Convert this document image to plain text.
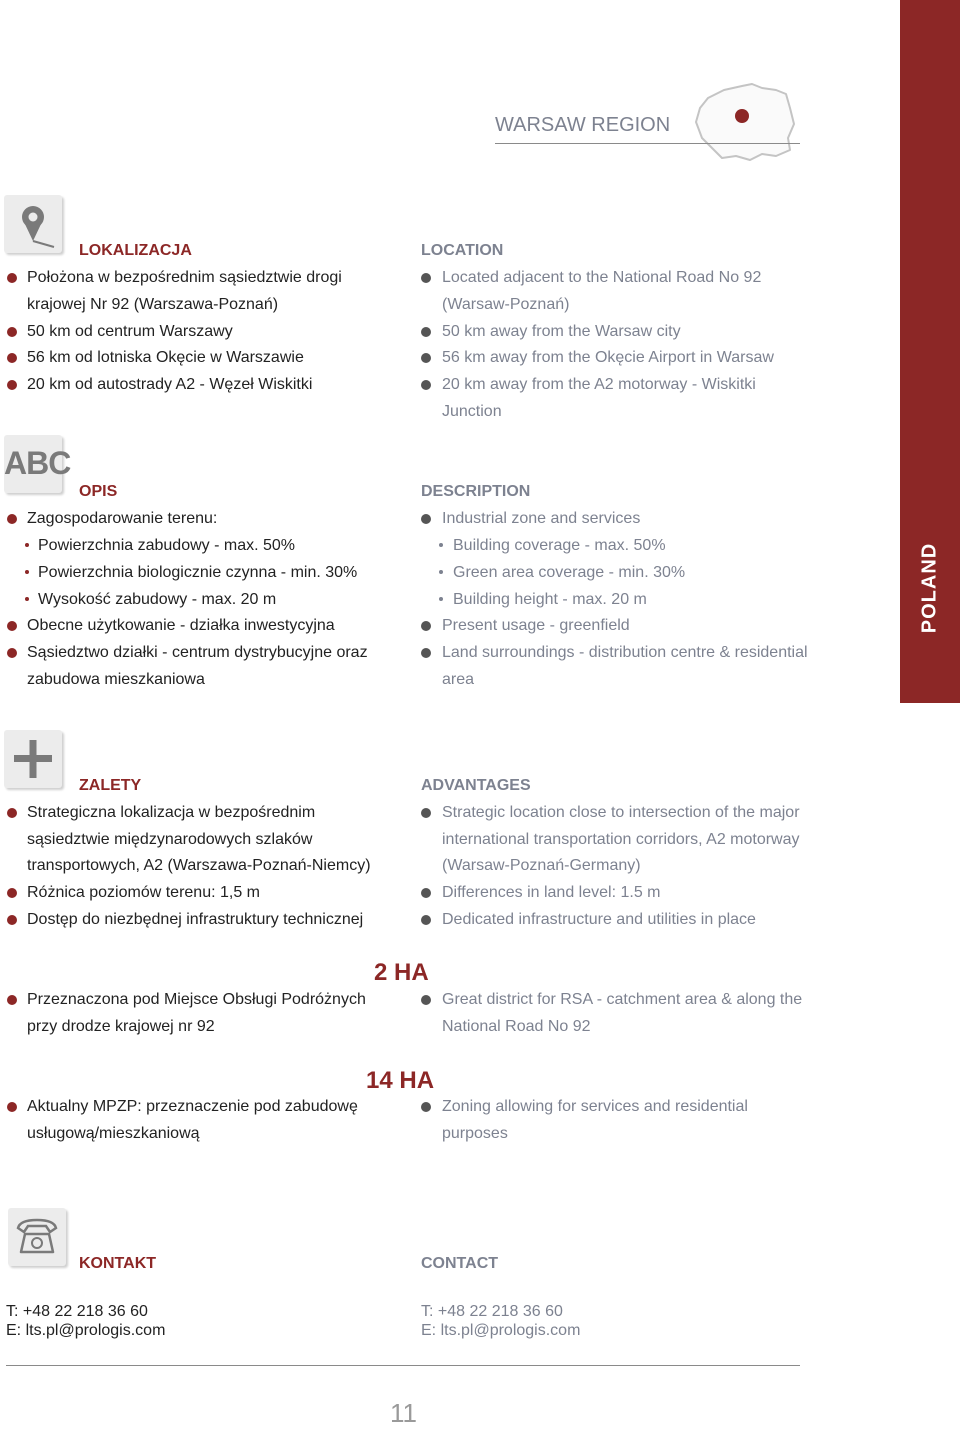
POLAND
WARSAW REGION
LOKALIZACJA	LOCATION
Położona w bezpośrednim sąsiedztwie drogi
krajowej Nr 92 (Warszawa-Poznań)
50 km od centrum Warszawy
56 km od lotniska Okęcie w Warszawie
20 km od autostrady A2 - Węzeł Wiskitki
Located adjacent to the National Road No 92
(Warsaw-Poznań)
50 km away from the Warsaw city
56 km away from the Okęcie Airport in Warsaw
20 km away from the A2 motorway - Wiskitki
Junction
ABC
OPIS	DESCRIPTION
Zagospodarowanie terenu:
Powierzchnia zabudowy - max. 50%
Powierzchnia biologicznie czynna - min. 30%
Wysokość zabudowy - max. 20 m
Obecne użytkowanie - działka inwestycyjna
Sąsiedztwo działki - centrum dystrybucyjne oraz
zabudowa mieszkaniowa
Industrial zone and services
Building coverage - max. 50%
Green area coverage - min. 30%
Building height - max. 20 m
Present usage - greenfield
Land surroundings - distribution centre & residential
area
ZALETY	ADVANTAGES
Strategiczna lokalizacja w bezpośrednim
sąsiedztwie międzynarodowych szlaków
transportowych, A2 (Warszawa-Poznań-Niemcy)
Różnica poziomów terenu: 1,5 m
Dostęp do niezbędnej infrastruktury technicznej
Strategic location close to intersection of the major
international transportation corridors, A2 motorway
(Warsaw-Poznań-Germany)
Differences in land level: 1.5 m
Dedicated infrastructure and utilities in place
2 HA
Przeznaczona pod Miejsce Obsługi Podróżnych
przy drodze krajowej nr 92
Great district for RSA - catchment area & along the
National Road No 92
14 HA
Aktualny MPZP: przeznaczenie pod zabudowę
usługową/mieszkaniową
Zoning allowing for services and residential
purposes
KONTAKT	CONTACT
T: +48 22 218 36 60
E: lts.pl@prologis.com
T: +48 22 218 36 60
E: lts.pl@prologis.com
11
